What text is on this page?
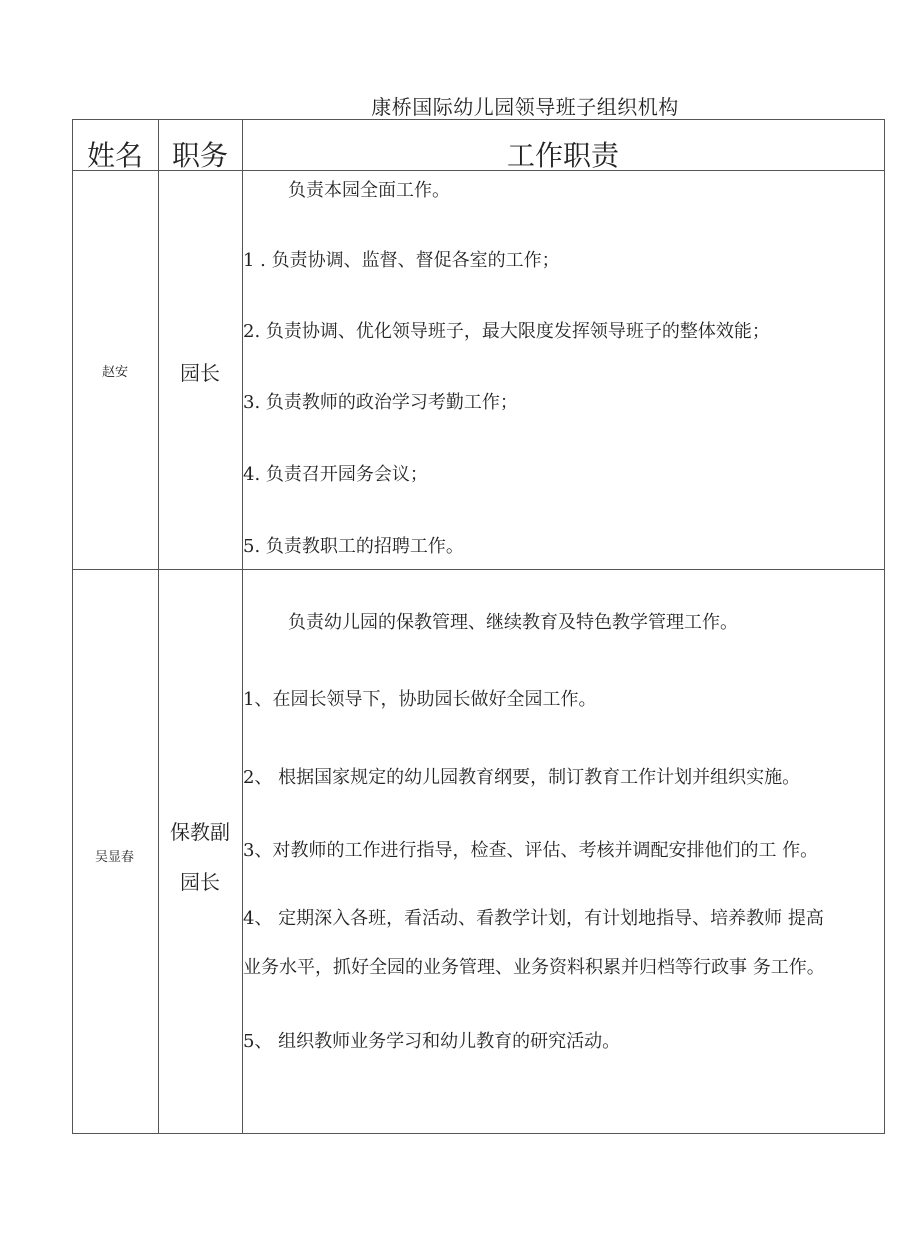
康桥国际幼儿园领导班子组织机构
姓名 职务	工作职责
赵安	园长
负责本园全面工作。
1 . 负责协调、监督、督促各室的工作；
2. 负责协调、优化领导班子，最大限度发挥领导班子的整体效能；
3. 负责教师的政治学习考勤工作；
4. 负责召开园务会议；
5. 负责教职工的招聘工作。
吴显春
保教副
园长
负责幼儿园的保教管理、继续教育及特色教学管理工作。
1、在园长领导下，协助园长做好全园工作。
2、 根据国家规定的幼儿园教育纲要，制订教育工作计划并组织实施。
3、对教师的工作进行指导，检查、评估、考核并调配安排他们的工 作。
4、 定期深入各班，看活动、看教学计划，有计划地指导、培养教师 提高
业务水平，抓好全园的业务管理、业务资料积累并归档等行政事 务工作。
5、 组织教师业务学习和幼儿教育的研究活动。
